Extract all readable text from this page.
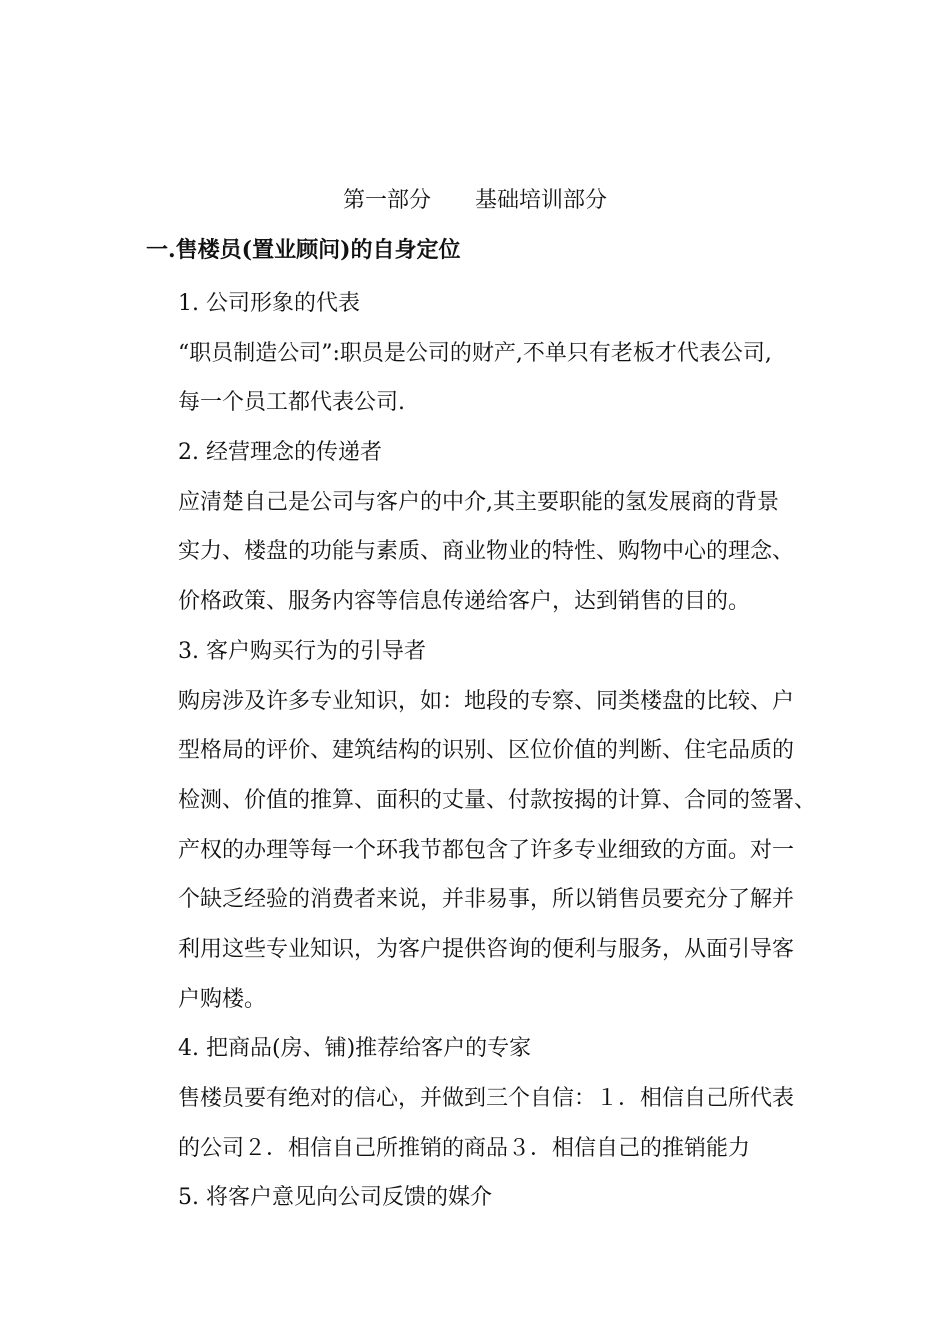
第一部分　　基础培训部分
一.售楼员(置业顾问)的自身定位
1. 公司形象的代表
“职员制造公司”:职员是公司的财产,不单只有老板才代表公司,
每一个员工都代表公司.
2. 经营理念的传递者
应清楚自己是公司与客户的中介,其主要职能的氢发展商的背景
实力、楼盘的功能与素质、商业物业的特性、购物中心的理念、
价格政策、服务内容等信息传递给客户，达到销售的目的。
3. 客户购买行为的引导者
购房涉及许多专业知识，如：地段的专察、同类楼盘的比较、户
型格局的评价、建筑结构的识别、区位价值的判断、住宅品质的
检测、价值的推算、面积的丈量、付款按揭的计算、合同的签署、
产权的办理等每一个环我节都包含了许多专业细致的方面。对一
个缺乏经验的消费者来说，并非易事，所以销售员要充分了解并
利用这些专业知识，为客户提供咨询的便利与服务，从面引导客
户购楼。
4. 把商品(房、铺)推荐给客户的专家
售楼员要有绝对的信心，并做到三个自信：１．相信自己所代表
的公司２．相信自己所推销的商品３．相信自己的推销能力
5. 将客户意见向公司反馈的媒介
